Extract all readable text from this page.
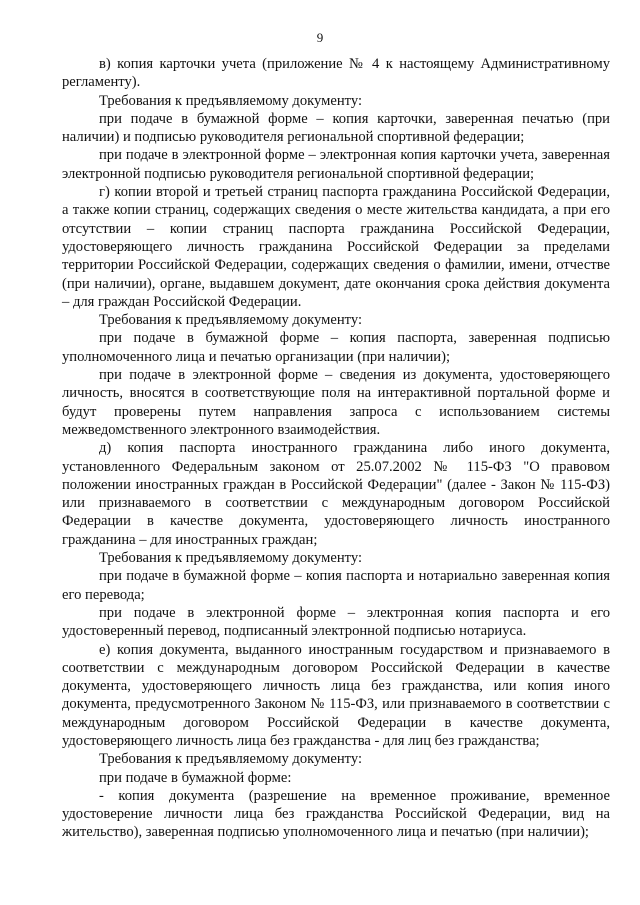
9

в) копия карточки учета (приложение № 4 к настоящему Административному регламенту).

Требования к предъявляемому документу:

при подаче в бумажной форме – копия карточки, заверенная печатью (при наличии) и подписью руководителя региональной спортивной федерации;

при подаче в электронной форме – электронная копия карточки учета, заверенная электронной подписью руководителя региональной спортивной федерации;

г) копии второй и третьей страниц паспорта гражданина Российской Федерации, а также копии страниц, содержащих сведения о месте жительства кандидата, а при его отсутствии – копии страниц паспорта гражданина Российской Федерации, удостоверяющего личность гражданина Российской Федерации за пределами территории Российской Федерации, содержащих сведения о фамилии, имени, отчестве (при наличии), органе, выдавшем документ, дате окончания срока действия документа – для граждан Российской Федерации.

Требования к предъявляемому документу:

при подаче в бумажной форме – копия паспорта, заверенная подписью уполномоченного лица и печатью организации (при наличии);

при подаче в электронной форме – сведения из документа, удостоверяющего личность, вносятся в соответствующие поля на интерактивной портальной форме и будут проверены путем направления запроса с использованием системы межведомственного электронного взаимодействия.

д) копия паспорта иностранного гражданина либо иного документа, установленного Федеральным законом от 25.07.2002 № 115-ФЗ "О правовом положении иностранных граждан в Российской Федерации" (далее - Закон № 115-ФЗ) или признаваемого в соответствии с международным договором Российской Федерации в качестве документа, удостоверяющего личность иностранного гражданина – для иностранных граждан;

Требования к предъявляемому документу:

при подаче в бумажной форме – копия паспорта и нотариально заверенная копия его перевода;

при подаче в электронной форме – электронная копия паспорта и его удостоверенный перевод, подписанный электронной подписью нотариуса.

е) копия документа, выданного иностранным государством и признаваемого в соответствии с международным договором Российской Федерации в качестве документа, удостоверяющего личность лица без гражданства, или копия иного документа, предусмотренного Законом № 115-ФЗ, или признаваемого в соответствии с международным договором Российской Федерации в качестве документа, удостоверяющего личность лица без гражданства - для лиц без гражданства;

Требования к предъявляемому документу:

при подаче в бумажной форме:

- копия документа (разрешение на временное проживание, временное удостоверение личности лица без гражданства Российской Федерации, вид на жительство), заверенная подписью уполномоченного лица и печатью (при наличии);
